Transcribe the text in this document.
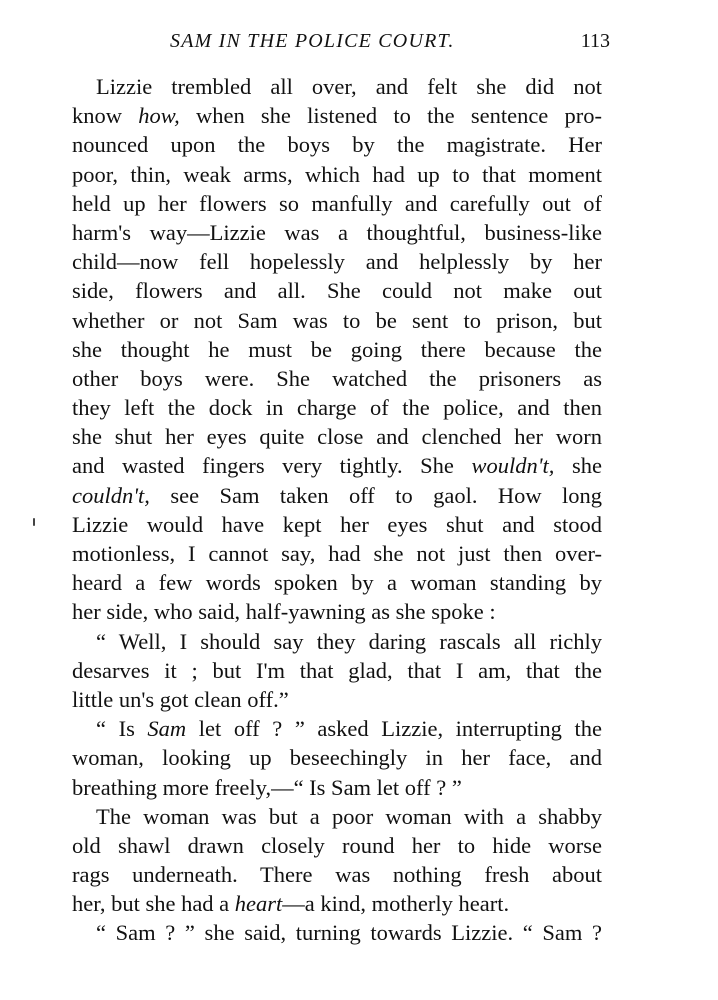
SAM IN THE POLICE COURT.	113
Lizzie trembled all over, and felt she did not
know how, when she listened to the sentence pro-
nounced upon the boys by the magistrate. Her
poor, thin, weak arms, which had up to that moment
held up her flowers so manfully and carefully out of
harm's way—Lizzie was a thoughtful, business-like
child—now fell hopelessly and helplessly by her
side, flowers and all. She could not make out
whether or not Sam was to be sent to prison, but
she thought he must be going there because the
other boys were. She watched the prisoners as
they left the dock in charge of the police, and then
she shut her eyes quite close and clenched her worn
and wasted fingers very tightly. She wouldn't, she
couldn't, see Sam taken off to gaol. How long
Lizzie would have kept her eyes shut and stood
motionless, I cannot say, had she not just then over-
heard a few words spoken by a woman standing by
her side, who said, half-yawning as she spoke :
“ Well, I should say they daring rascals all richly
desarves it ; but I'm that glad, that I am, that the
little un's got clean off.”
“ Is Sam let off ? ” asked Lizzie, interrupting the
woman, looking up beseechingly in her face, and
breathing more freely,—“ Is Sam let off ? ”
The woman was but a poor woman with a shabby
old shawl drawn closely round her to hide worse
rags underneath. There was nothing fresh about
her, but she had a heart—a kind, motherly heart.
“ Sam ? ” she said, turning towards Lizzie. “ Sam ?
